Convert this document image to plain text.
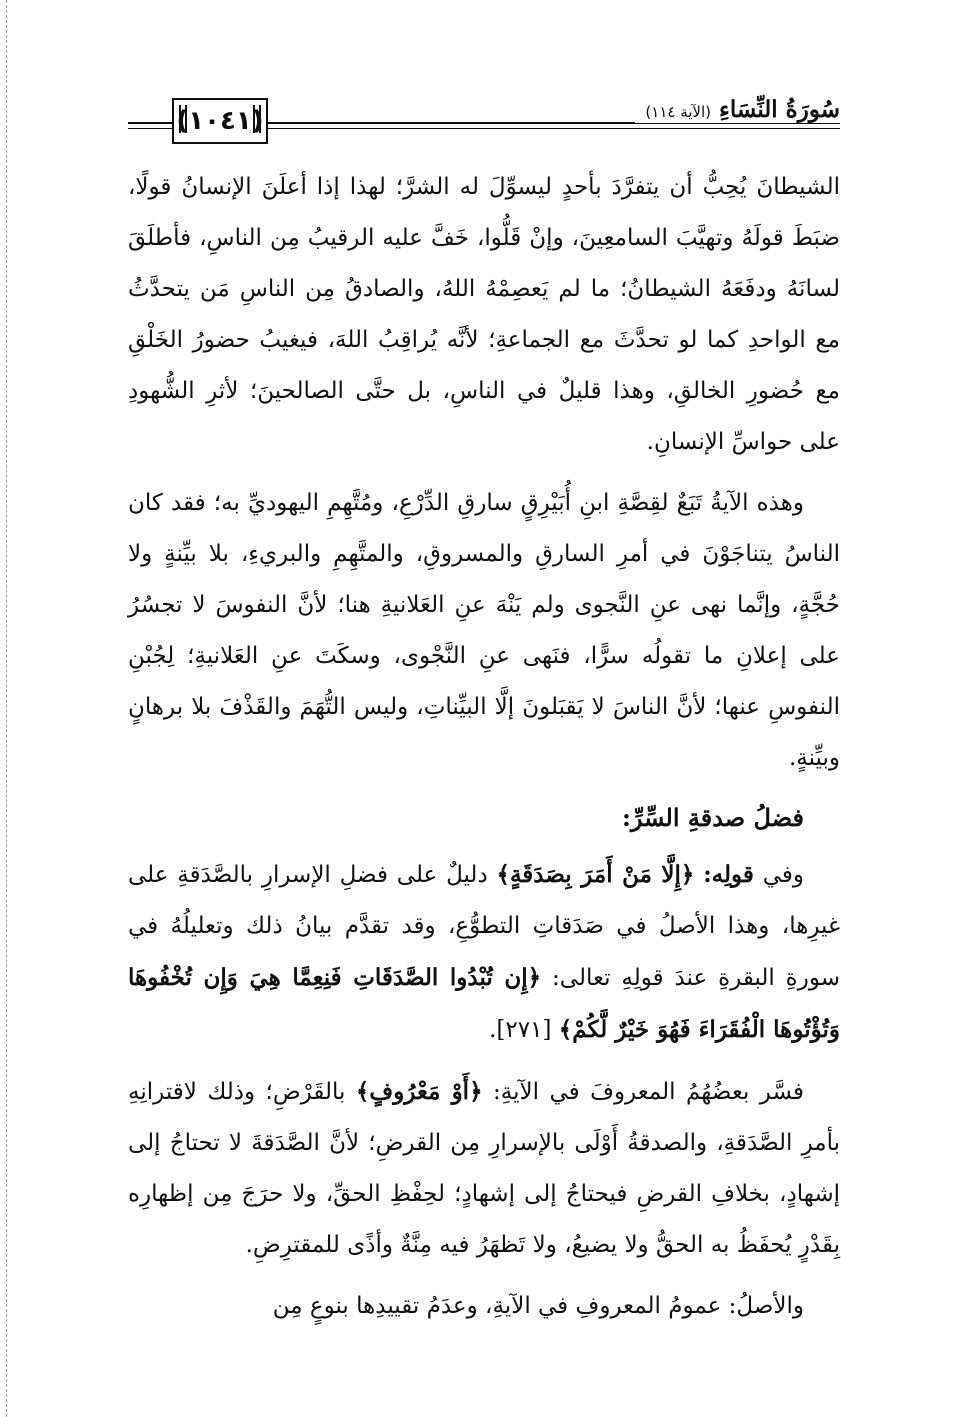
(١٠٤١)	سُورَةُ النِّسَاءِ
(الآية ١١٤)
الشيطانَ يُحِبُّ أن يتفرَّدَ بأحدٍ ليسوِّلَ له الشرَّ؛ لهذا إذا أعلَنَ الإنسانُ قولًا، ضبَطَ قولَهُ وتهيَّبَ السامعِينَ، وإنْ قَلُّوا، خَفَّ عليه الرقيبُ مِن الناسِ، فأطلَقَ لسانَهُ ودفَعَهُ الشيطانُ؛ ما لم يَعصِمْهُ اللهُ، والصادقُ مِن الناسِ مَن يتحدَّثُ مع الواحدِ كما لو تحدَّثَ مع الجماعةِ؛ لأنَّه يُراقِبُ اللهَ، فيغيبُ حضورُ الخَلْقِ مع حُضورِ الخالقِ، وهذا قليلٌ في الناسِ، بل حتَّى الصالحينَ؛ لأثرِ الشُّهودِ على حواسِّ الإنسانِ.
وهذه الآيةُ تَبَعٌ لقِصَّةِ ابنِ أُبَيْرِقٍ سارقِ الدِّرْعِ، ومُتَّهِمِ اليهوديِّ به؛ فقد كان الناسُ يتناجَوْنَ في أمرِ السارقِ والمسروقِ، والمتَّهِمِ والبريءِ، بلا بيِّنةٍ ولا حُجَّةٍ، وإنَّما نهى عنِ النَّجوى ولم يَنْهَ عنِ العَلانيةِ هنا؛ لأنَّ النفوسَ لا تجسُرُ على إعلانِ ما تقولُه سرًّا، فنَهى عنِ النَّجْوى، وسكَتَ عنِ العَلانيةِ؛ لِجُبْنِ النفوسِ عنها؛ لأنَّ الناسَ لا يَقبَلونَ إلَّا البيِّناتِ، وليس التُّهَمَ والقَذْفَ بلا برهانٍ وبيِّنةٍ.
فضلُ صدقةِ السِّرِّ:
وفي قولِه: ﴿إِلَّا مَنْ أَمَرَ بِصَدَقَةٍ﴾ دليلٌ على فضلِ الإسرارِ بالصَّدَقةِ على غيرِها، وهذا الأصلُ في صَدَقاتِ التطوُّعِ، وقد تقدَّم بيانُ ذلك وتعليلُهُ في سورةِ البقرةِ عندَ قولِهِ تعالى: ﴿إِن تُبْدُوا الصَّدَقَاتِ فَنِعِمَّا هِيَ وَإِن تُخْفُوهَا وَتُؤْتُوهَا الْفُقَرَاءَ فَهُوَ خَيْرٌ لَّكُمْ﴾ [٢٧١].
فسَّر بعضُهُمُ المعروفَ في الآيةِ: ﴿أَوْ مَعْرُوفٍ﴾ بالقَرْضِ؛ وذلك لاقترانِهِ بأمرِ الصَّدَقةِ، والصدقةُ أَوْلَى بالإسرارِ مِن القرضِ؛ لأنَّ الصَّدَقةَ لا تحتاجُ إلى إشهادٍ، بخلافِ القرضِ فيحتاجُ إلى إشهادٍ؛ لحِفْظِ الحقِّ، ولا حرَجَ مِن إظهارِه بِقَدْرٍ يُحفَظُ به الحقُّ ولا يضيعُ، ولا تَظهَرُ فيه مِنَّةٌ وأذًى للمقترِضِ.
والأصلُ: عمومُ المعروفِ في الآيةِ، وعدَمُ تقييدِها بنوعٍ مِن
